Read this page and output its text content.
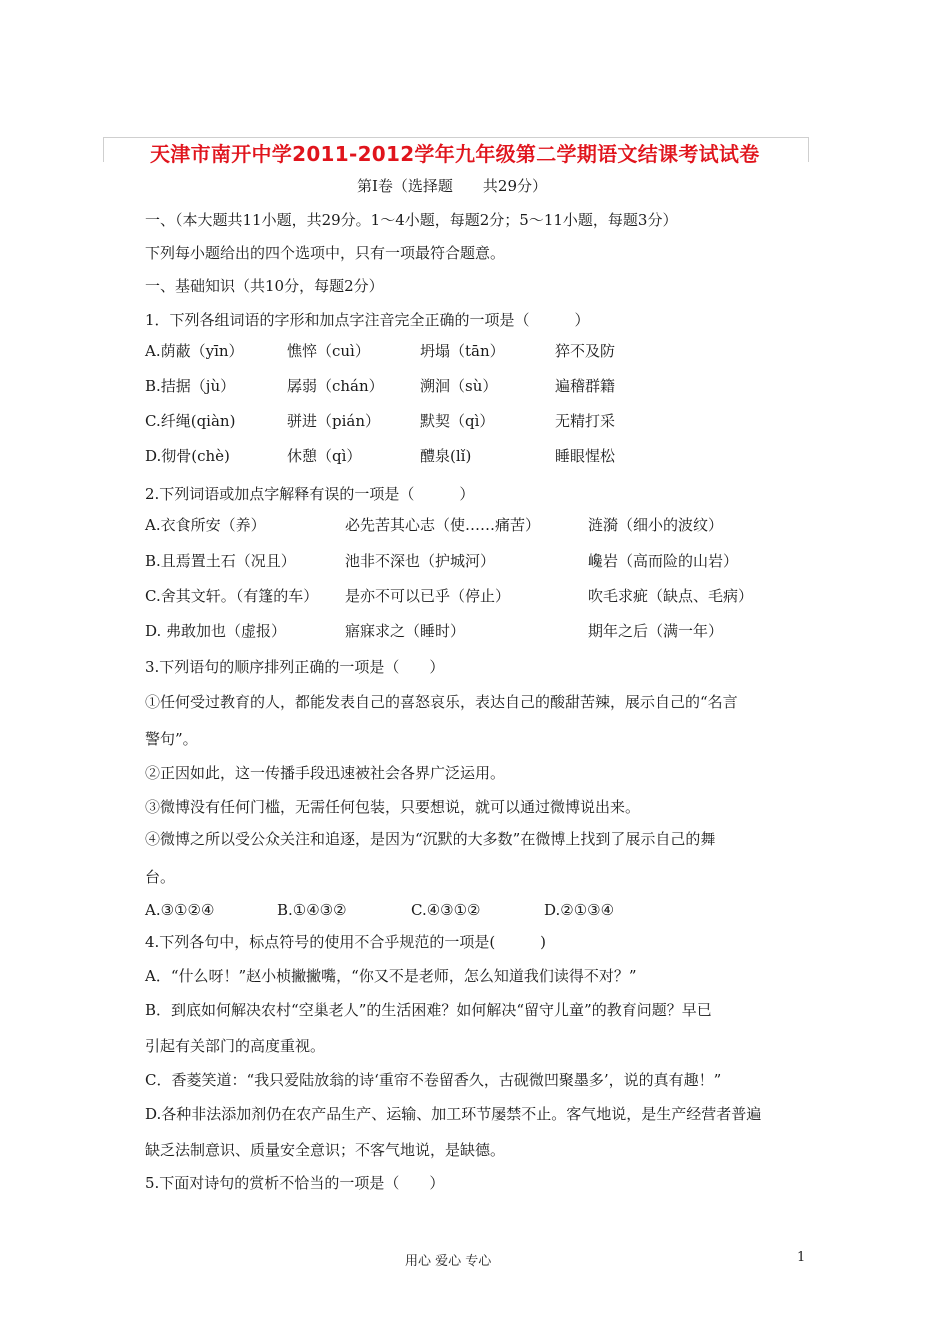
天津市南开中学2011-2012学年九年级第二学期语文结课考试试卷
第Ⅰ卷（选择题　　共29分）
一、（本大题共11小题，共29分。1～4小题，每题2分；5～11小题，每题3分）
下列每小题给出的四个选项中，只有一项最符合题意。
一、基础知识（共10分，每题2分）
1．下列各组词语的字形和加点字注音完全正确的一项是（　　　）
A.荫蔽（yīn）	憔悴（cuì）	坍塌（tān）	猝不及防
B.拮据（jù）	孱弱（chán） 溯洄（sù）	遍稽群籍
C.纤绳(qiàn)	骈进（pián）	默契（qì）	无精打采
D.彻骨(chè)	休憩（qì）	醴泉(lǐ)	睡眼惺松
2.下列词语或加点字解释有误的一项是（　　　）
A.衣食所安（养）	必先苦其心志（使……痛苦）	涟漪（细小的波纹）
B.且焉置土石（况且）	池非不深也（护城河）	巉岩（高而险的山岩）
C.舍其文轩。（有篷的车） 是亦不可以已乎（停止）	吹毛求疵（缺点、毛病）
D. 弗敢加也（虚报）	寤寐求之（睡时）	期年之后（满一年）
3.下列语句的顺序排列正确的一项是（　　）
①任何受过教育的人，都能发表自己的喜怒哀乐，表达自己的酸甜苦辣，展示自己的“名言
警句”。
②正因如此，这一传播手段迅速被社会各界广泛运用。
③微博没有任何门槛，无需任何包装，只要想说，就可以通过微博说出来。
④微博之所以受公众关注和追逐，是因为“沉默的大多数”在微博上找到了展示自己的舞
台。
A.③①②④	B.①④③②	C.④③①②	D.②①③④
4.下列各句中，标点符号的使用不合乎规范的一项是(　　　)
A．“什么呀！”赵小桢撇撇嘴，“你又不是老师，怎么知道我们读得不对？”
B．到底如何解决农村“空巢老人”的生活困难？如何解决“留守儿童”的教育问题？早已
引起有关部门的高度重视。
C．香菱笑道：“我只爱陆放翁的诗‘重帘不卷留香久，古砚微凹聚墨多’，说的真有趣！”
D.各种非法添加剂仍在农产品生产、运输、加工环节屡禁不止。客气地说，是生产经营者普遍
缺乏法制意识、质量安全意识；不客气地说，是缺德。
5.下面对诗句的赏析不恰当的一项是（　　）
用心 爱心 专心	1
